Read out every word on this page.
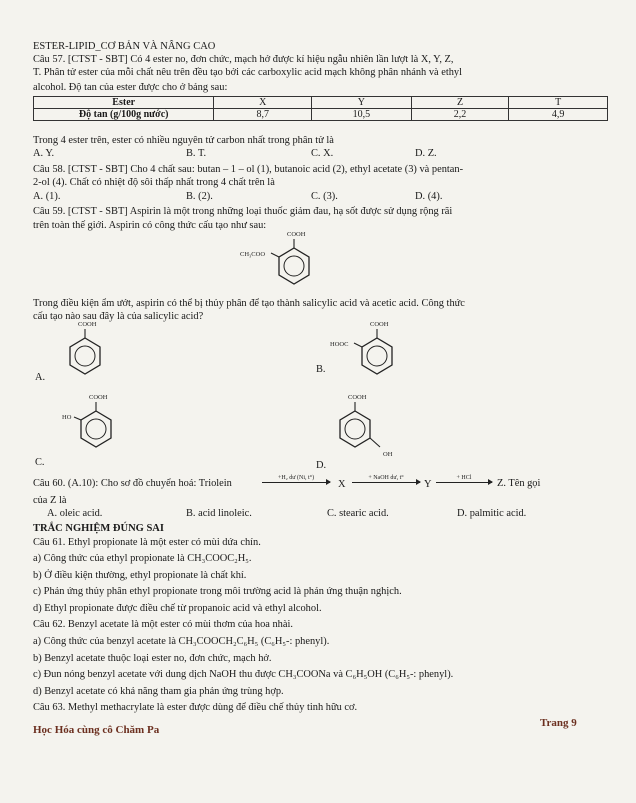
ESTER-LIPID_CƠ BẢN VÀ NÂNG CAO
Câu 57. [CTST - SBT] Có 4 ester no, đơn chức, mạch hở được kí hiệu ngẫu nhiên lần lượt là X, Y, Z,
T. Phân tử ester của mỗi chất nêu trên đều tạo bởi các carboxylic acid mạch không phân nhánh và ethyl
alcohol. Độ tan của ester được cho ở bảng sau:
Ester	X	Y	Z	T
Độ tan (g/100g nước)	8,7	10,5	2,2	4,9
Trong 4 ester trên, ester có nhiều nguyên tử carbon nhất trong phân tử là
A. Y.	B. T.	C. X.	D. Z.
Câu 58. [CTST - SBT] Cho 4 chất sau: butan – 1 – ol (1), butanoic acid (2), ethyl acetate (3) và pentan-
2-ol (4). Chất có nhiệt độ sôi thấp nhất trong 4 chất trên là
A. (1).	B. (2).	C. (3).	D. (4).
Câu 59. [CTST - SBT] Aspirin là một trong những loại thuốc giảm đau, hạ sốt được sử dụng rộng rãi
trên toàn thế giới. Aspirin có công thức cấu tạo như sau:
COOH
CH₃COO
Trong điều kiện ẩm ướt, aspirin có thể bị thủy phân để tạo thành salicylic acid và acetic acid. Công thức
cấu tạo nào sau đây là của salicylic acid?
COOH
A.
COOH
HOOC
B.
COOH
HO
C.
COOH
OH
D.
Câu 60. (A.10): Cho sơ đồ chuyển hoá: Triolein	+H₂ dư (Ni, t°)
X
+ NaOH dư, t°
Y
+ HCl	Z. Tên gọi
của Z là
A. oleic acid.	B. acid linoleic.	C. stearic acid.	D. palmitic acid.
TRẮC NGHIỆM ĐÚNG SAI
Câu 61. Ethyl propionate là một ester có mùi dứa chín.
a) Công thức của ethyl propionate là CH₃COOC₂H₅.
b) Ở điều kiện thường, ethyl propionate là chất khí.
c) Phản ứng thủy phân ethyl propionate trong môi trường acid là phản ứng thuận nghịch.
d) Ethyl propionate được điều chế từ propanoic acid và ethyl alcohol.
Câu 62. Benzyl acetate là một ester có mùi thơm của hoa nhài.
a) Công thức của benzyl acetate là CH₃COOCH₂C₆H₅ (C₆H₅-: phenyl).
b) Benzyl acetate thuộc loại ester no, đơn chức, mạch hở.
c) Đun nóng benzyl acetate với dung dịch NaOH thu được CH₃COONa và C₆H₅OH (C₆H₅-: phenyl).
d) Benzyl acetate có khả năng tham gia phản ứng trùng hợp.
Câu 63. Methyl methacrylate là ester được dùng để điều chế thủy tinh hữu cơ.
Học Hóa cùng cô Chăm Pa
Trang 9
